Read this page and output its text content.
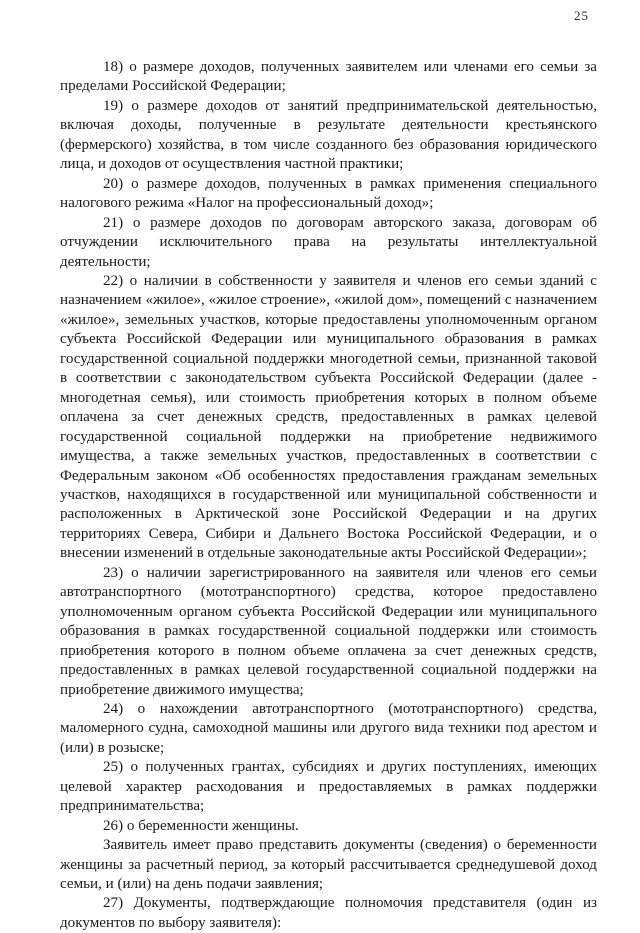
25

18) о размере доходов, полученных заявителем или членами его семьи за пределами Российской Федерации;

19) о размере доходов от занятий предпринимательской деятельностью, включая доходы, полученные в результате деятельности крестьянского (фермерского) хозяйства, в том числе созданного без образования юридического лица, и доходов от осуществления частной практики;

20) о размере доходов, полученных в рамках применения специального налогового режима «Налог на профессиональный доход»;

21) о размере доходов по договорам авторского заказа, договорам об отчуждении исключительного права на результаты интеллектуальной деятельности;

22) о наличии в собственности у заявителя и членов его семьи зданий с назначением «жилое», «жилое строение», «жилой дом», помещений с назначением «жилое», земельных участков, которые предоставлены уполномоченным органом субъекта Российской Федерации или муниципального образования в рамках государственной социальной поддержки многодетной семьи, признанной таковой в соответствии с законодательством субъекта Российской Федерации (далее - многодетная семья), или стоимость приобретения которых в полном объеме оплачена за счет денежных средств, предоставленных в рамках целевой государственной социальной поддержки на приобретение недвижимого имущества, а также земельных участков, предоставленных в соответствии с Федеральным законом «Об особенностях предоставления гражданам земельных участков, находящихся в государственной или муниципальной собственности и расположенных в Арктической зоне Российской Федерации и на других территориях Севера, Сибири и Дальнего Востока Российской Федерации, и о внесении изменений в отдельные законодательные акты Российской Федерации»;

23) о наличии зарегистрированного на заявителя или членов его семьи автотранспортного (мототранспортного) средства, которое предоставлено уполномоченным органом субъекта Российской Федерации или муниципального образования в рамках государственной социальной поддержки или стоимость приобретения которого в полном объеме оплачена за счет денежных средств, предоставленных в рамках целевой государственной социальной поддержки на приобретение движимого имущества;

24) о нахождении автотранспортного (мототранспортного) средства, маломерного судна, самоходной машины или другого вида техники под арестом и (или) в розыске;

25) о полученных грантах, субсидиях и других поступлениях, имеющих целевой характер расходования и предоставляемых в рамках поддержки предпринимательства;

26) о беременности женщины.

Заявитель имеет право представить документы (сведения) о беременности женщины за расчетный период, за который рассчитывается среднедушевой доход семьи, и (или) на день подачи заявления;

27) Документы, подтверждающие полномочия представителя (один из документов по выбору заявителя):
